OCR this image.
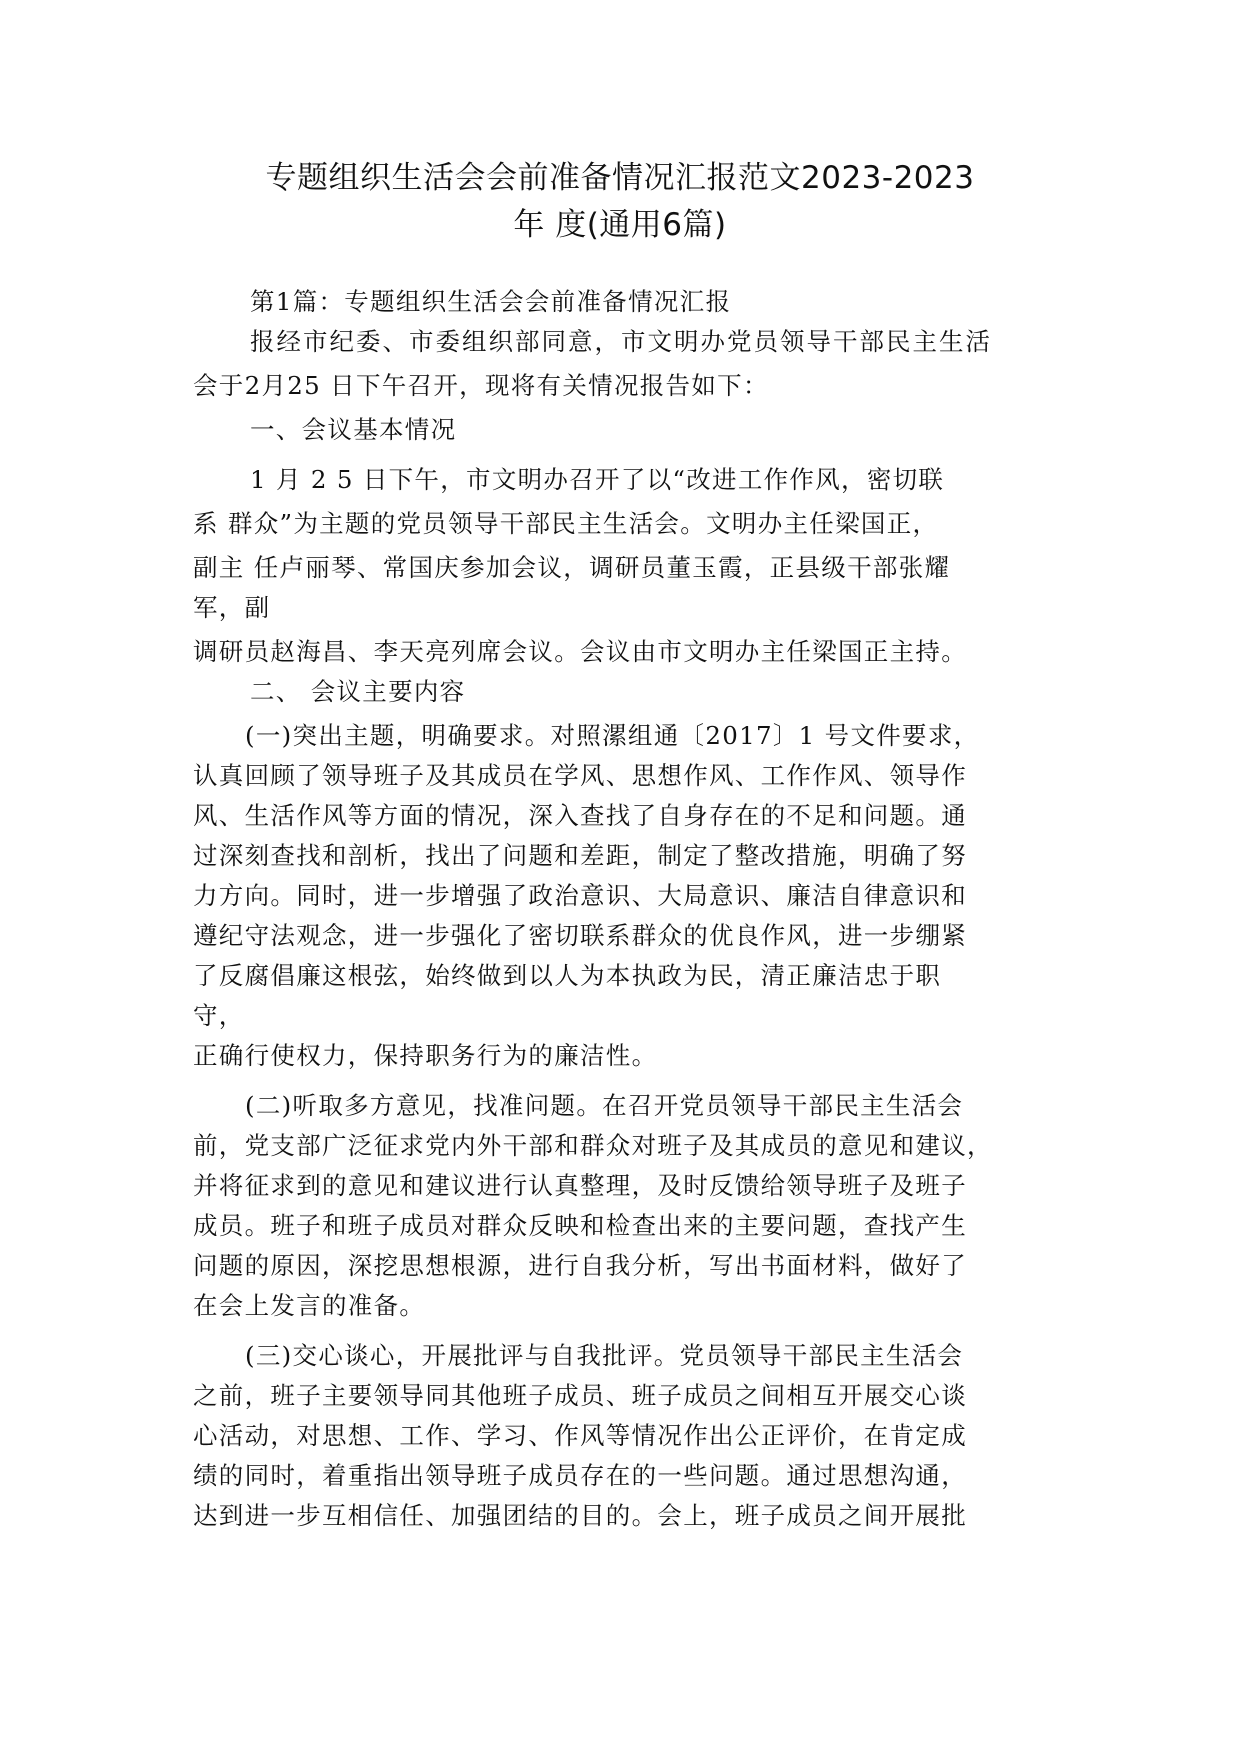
专题组织生活会会前准备情况汇报范文2023-2023
年 度(通用6篇)

第1篇：专题组织生活会会前准备情况汇报

报经市纪委、市委组织部同意，市文明办党员领导干部民主生活

会于2月25 日下午召开，现将有关情况报告如下：

一、会议基本情况

1 月 2 5 日下午，市文明办召开了以“改进工作作风，密切联

系 群众”为主题的党员领导干部民主生活会。文明办主任梁国正，

副主 任卢丽琴、常国庆参加会议，调研员董玉霞，正县级干部张耀

军，副

调研员赵海昌、李天亮列席会议。会议由市文明办主任梁国正主持。

二、 会议主要内容

(一)突出主题，明确要求。对照漯组通〔2017〕1 号文件要求，

认真回顾了领导班子及其成员在学风、思想作风、工作作风、领导作

风、生活作风等方面的情况，深入查找了自身存在的不足和问题。通

过深刻查找和剖析，找出了问题和差距，制定了整改措施，明确了努

力方向。同时，进一步增强了政治意识、大局意识、廉洁自律意识和

遵纪守法观念，进一步强化了密切联系群众的优良作风，进一步绷紧

了反腐倡廉这根弦，始终做到以人为本执政为民，清正廉洁忠于职

守，

正确行使权力，保持职务行为的廉洁性。

(二)听取多方意见，找准问题。在召开党员领导干部民主生活会

前，党支部广泛征求党内外干部和群众对班子及其成员的意见和建议，

并将征求到的意见和建议进行认真整理，及时反馈给领导班子及班子

成员。班子和班子成员对群众反映和检查出来的主要问题，查找产生

问题的原因，深挖思想根源，进行自我分析，写出书面材料，做好了

在会上发言的准备。

(三)交心谈心，开展批评与自我批评。党员领导干部民主生活会

之前，班子主要领导同其他班子成员、班子成员之间相互开展交心谈

心活动，对思想、工作、学习、作风等情况作出公正评价，在肯定成

绩的同时，着重指出领导班子成员存在的一些问题。通过思想沟通，

达到进一步互相信任、加强团结的目的。会上，班子成员之间开展批
